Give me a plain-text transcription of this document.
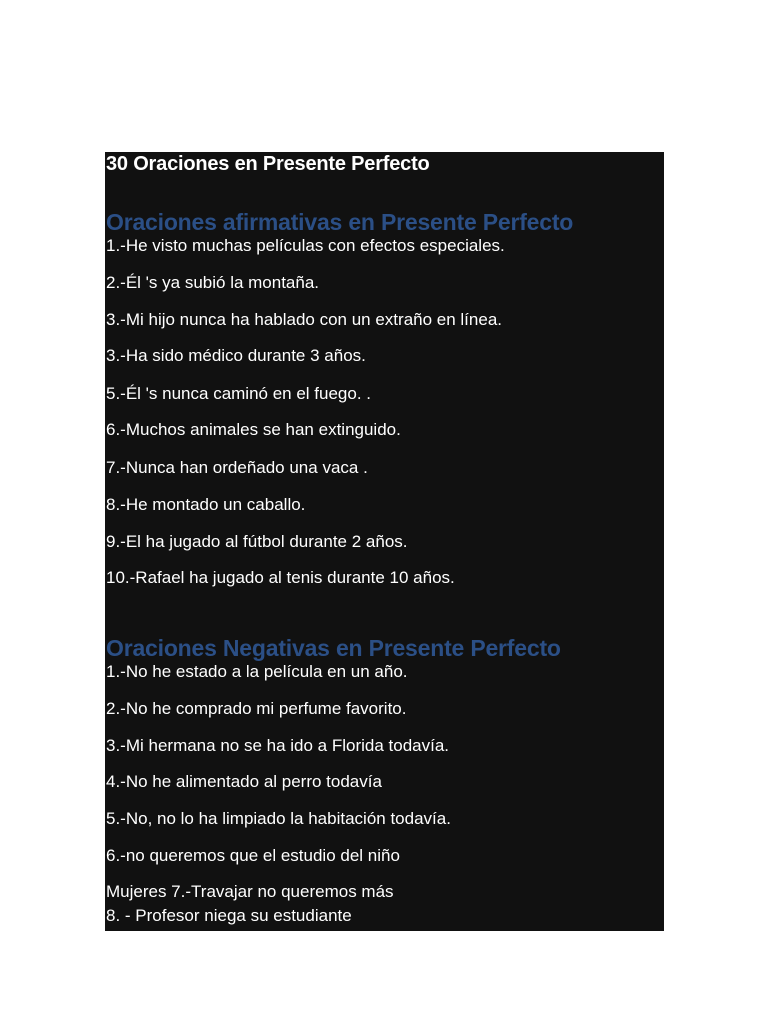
30 Oraciones en Presente Perfecto
Oraciones afirmativas en Presente Perfecto
1.-He visto muchas películas con efectos especiales.
2.-Él 's ya subió la montaña.
3.-Mi hijo nunca ha hablado con un extraño en línea.
3.-Ha sido médico durante 3 años.
5.-Él 's nunca caminó en el fuego. .
6.-Muchos animales se han extinguido.
7.-Nunca han ordeñado una vaca .
8.-He montado un caballo.
9.-El ha jugado al fútbol durante 2 años.
10.-Rafael ha jugado al tenis durante 10 años.
Oraciones Negativas en Presente Perfecto
1.-No he estado a la película en un año.
2.-No he comprado mi perfume favorito.
3.-Mi hermana no se ha ido a Florida todavía.
4.-No he alimentado al perro todavía
5.-No, no lo ha limpiado la habitación todavía.
6.-no queremos que el estudio del niño
Mujeres 7.-Travajar no queremos más
8. - Profesor niega su estudiante
